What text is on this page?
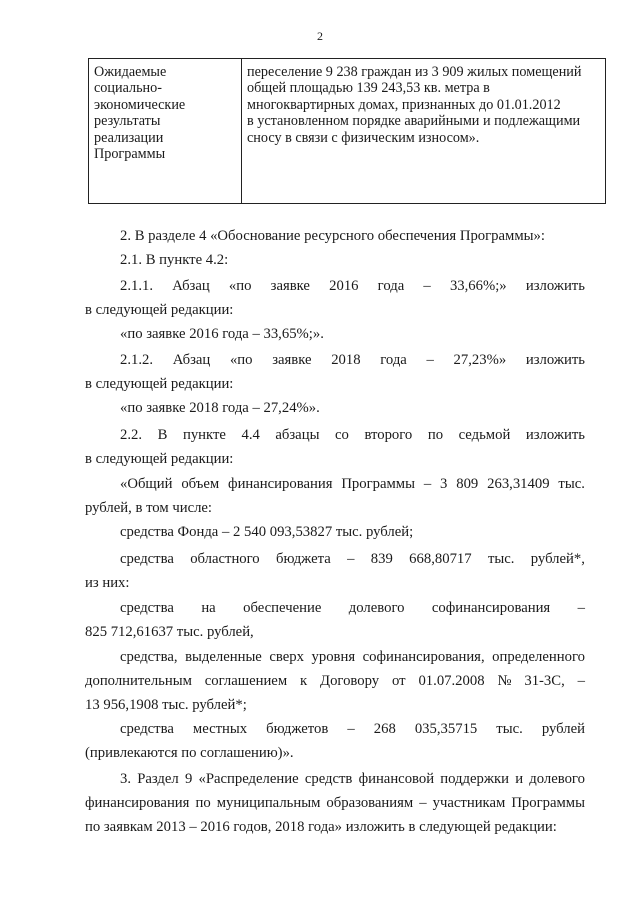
2
Ожидаемые
социально-
экономические
результаты
реализации
Программы
переселение 9 238 граждан из 3 909 жилых помещений
общей площадью 139 243,53 кв. метра в
многоквартирных домах, признанных до 01.01.2012
в установленном порядке аварийными и подлежащими
сносу в связи с физическим износом».
2. В разделе 4 «Обоснование ресурсного обеспечения Программы»:
2.1. В пункте 4.2:
2.1.1. Абзац «по заявке 2016 года – 33,66%;» изложить
в следующей редакции:
«по заявке 2016 года – 33,65%;».
2.1.2. Абзац «по заявке 2018 года – 27,23%» изложить
в следующей редакции:
«по заявке 2018 года – 27,24%».
2.2. В пункте 4.4 абзацы со второго по седьмой изложить
в следующей редакции:
«Общий объем финансирования Программы – 3 809 263,31409 тыс.
рублей, в том числе:
средства Фонда – 2 540 093,53827 тыс. рублей;
средства областного бюджета – 839 668,80717 тыс. рублей*,
из них:
средства на обеспечение долевого софинансирования –
825 712,61637 тыс. рублей,
средства, выделенные сверх уровня софинансирования, определенного
дополнительным соглашением к Договору от 01.07.2008 № 31-3С, –
13 956,1908 тыс. рублей*;
средства местных бюджетов – 268 035,35715 тыс. рублей
(привлекаются по соглашению)».
3. Раздел 9 «Распределение средств финансовой поддержки и долевого
финансирования по муниципальным образованиям – участникам Программы
по заявкам 2013 – 2016 годов, 2018 года» изложить в следующей редакции:
